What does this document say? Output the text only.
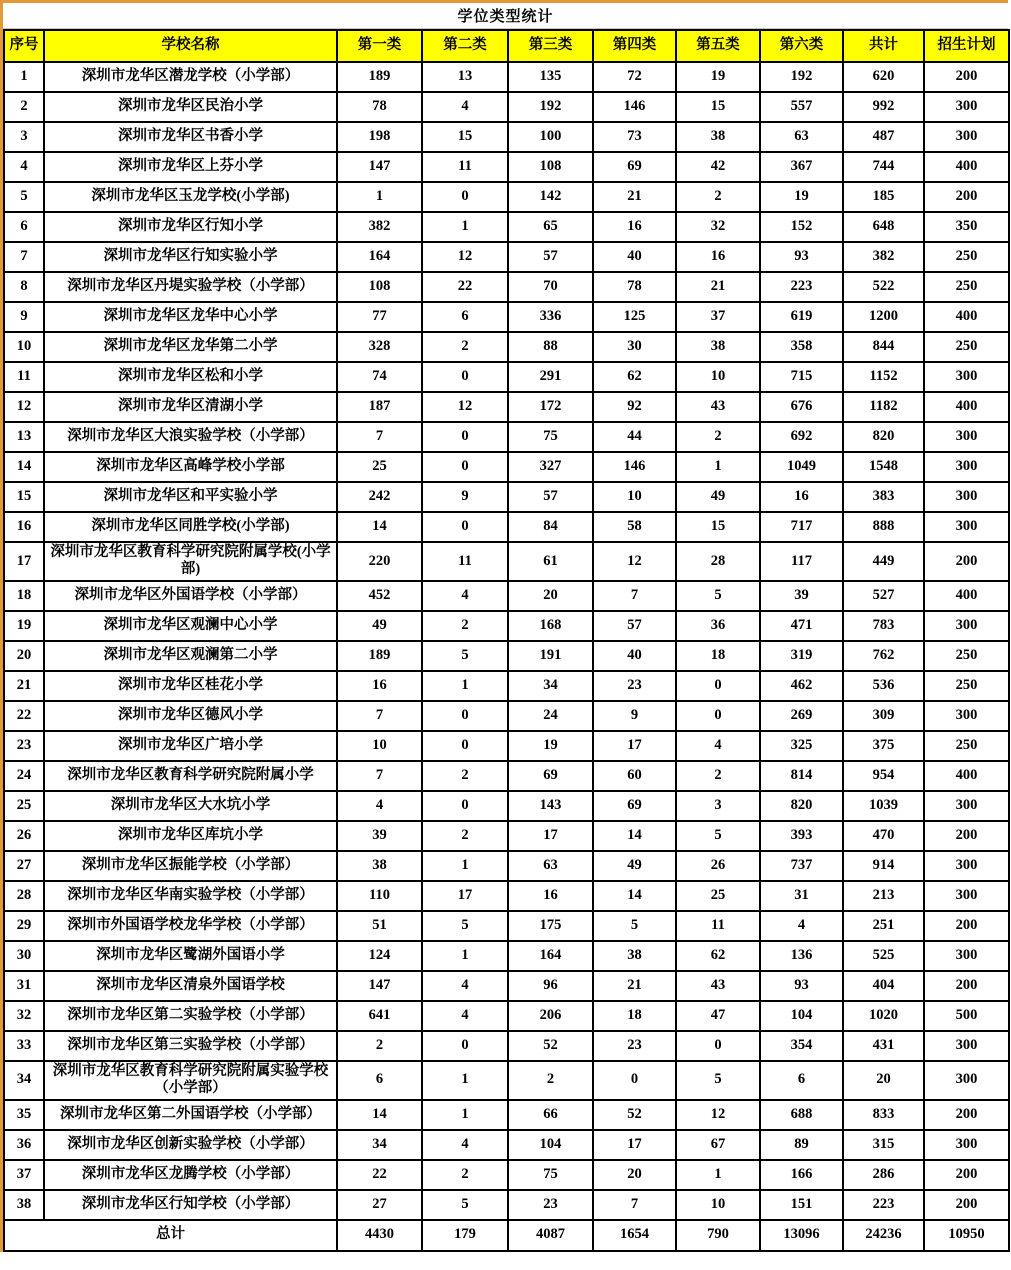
学位类型统计
序号	学校名称	第一类	第二类	第三类	第四类	第五类	第六类	共计	招生计划
1	深圳市龙华区潜龙学校（小学部）	189	13	135	72	19	192	620	200
2	深圳市龙华区民治小学	78	4	192	146	15	557	992	300
3	深圳市龙华区书香小学	198	15	100	73	38	63	487	300
4	深圳市龙华区上芬小学	147	11	108	69	42	367	744	400
5	深圳市龙华区玉龙学校(小学部)	1	0	142	21	2	19	185	200
6	深圳市龙华区行知小学	382	1	65	16	32	152	648	350
7	深圳市龙华区行知实验小学	164	12	57	40	16	93	382	250
8	深圳市龙华区丹堤实验学校（小学部）	108	22	70	78	21	223	522	250
9	深圳市龙华区龙华中心小学	77	6	336	125	37	619	1200	400
10	深圳市龙华区龙华第二小学	328	2	88	30	38	358	844	250
11	深圳市龙华区松和小学	74	0	291	62	10	715	1152	300
12	深圳市龙华区清湖小学	187	12	172	92	43	676	1182	400
13	深圳市龙华区大浪实验学校（小学部）	7	0	75	44	2	692	820	300
14	深圳市龙华区高峰学校小学部	25	0	327	146	1	1049	1548	300
15	深圳市龙华区和平实验小学	242	9	57	10	49	16	383	300
16	深圳市龙华区同胜学校(小学部)	14	0	84	58	15	717	888	300
17	深圳市龙华区教育科学研究院附属学校(小学部)	220	11	61	12	28	117	449	200
18	深圳市龙华区外国语学校（小学部）	452	4	20	7	5	39	527	400
19	深圳市龙华区观澜中心小学	49	2	168	57	36	471	783	300
20	深圳市龙华区观澜第二小学	189	5	191	40	18	319	762	250
21	深圳市龙华区桂花小学	16	1	34	23	0	462	536	250
22	深圳市龙华区德风小学	7	0	24	9	0	269	309	300
23	深圳市龙华区广培小学	10	0	19	17	4	325	375	250
24	深圳市龙华区教育科学研究院附属小学	7	2	69	60	2	814	954	400
25	深圳市龙华区大水坑小学	4	0	143	69	3	820	1039	300
26	深圳市龙华区库坑小学	39	2	17	14	5	393	470	200
27	深圳市龙华区振能学校（小学部）	38	1	63	49	26	737	914	300
28	深圳市龙华区华南实验学校（小学部）	110	17	16	14	25	31	213	300
29	深圳市外国语学校龙华学校（小学部）	51	5	175	5	11	4	251	200
30	深圳市龙华区鹭湖外国语小学	124	1	164	38	62	136	525	300
31	深圳市龙华区清泉外国语学校	147	4	96	21	43	93	404	200
32	深圳市龙华区第二实验学校（小学部）	641	4	206	18	47	104	1020	500
33	深圳市龙华区第三实验学校（小学部）	2	0	52	23	0	354	431	300
34	深圳市龙华区教育科学研究院附属实验学校（小学部）	6	1	2	0	5	6	20	300
35	深圳市龙华区第二外国语学校（小学部）	14	1	66	52	12	688	833	200
36	深圳市龙华区创新实验学校（小学部）	34	4	104	17	67	89	315	300
37	深圳市龙华区龙腾学校（小学部）	22	2	75	20	1	166	286	200
38	深圳市龙华区行知学校（小学部）	27	5	23	7	10	151	223	200
总计		4430	179	4087	1654	790	13096	24236	10950
